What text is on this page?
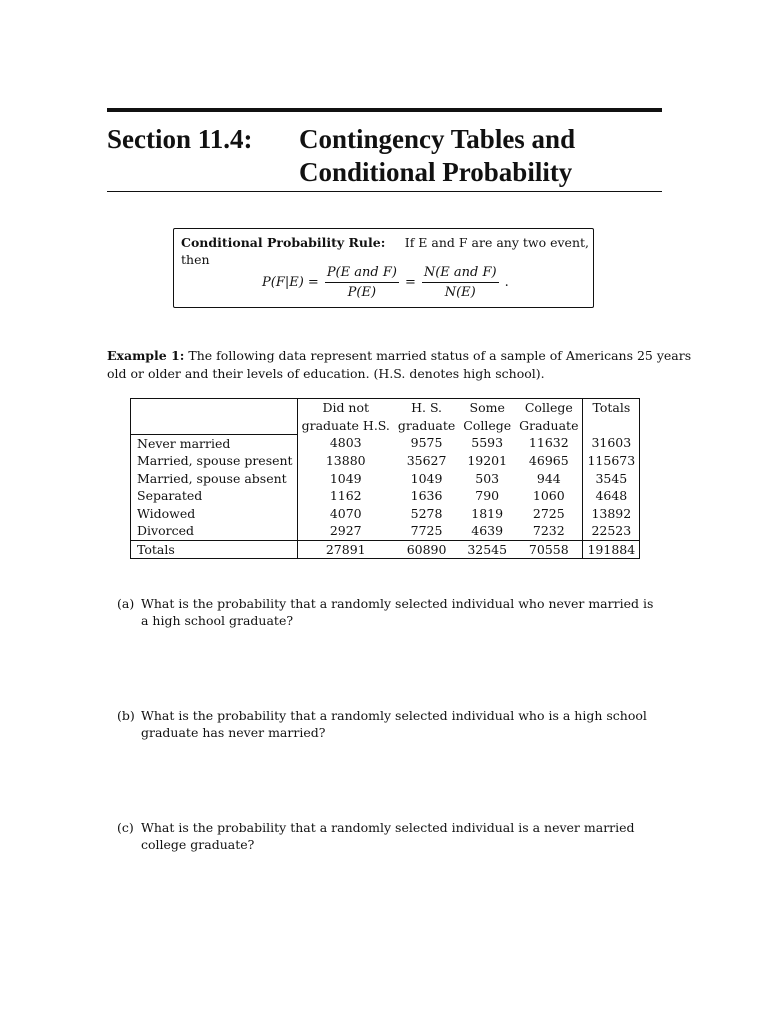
Section 11.4: Contingency Tables and
Conditional Probability
Conditional Probability Rule: If E and F are any two event,
then
$P(F|E) = \frac{\text{P(E and F)}}{P(E)} = \frac{\text{N(E and F)}}{N(E)}$ .
Example 1: The following data represent married status of a sample of Americans 25 years
old or older and their levels of education. (H.S. denotes high school).
	Did not	H. S.	Some	College	Totals
	graduate H.S.	graduate	College	Graduate	
Never married	4803	9575	5593	11632	31603
Married, spouse present	13880	35627	19201	46965	115673
Married, spouse absent	1049	1049	503	944	3545
Separated	1162	1636	790	1060	4648
Widowed	4070	5278	1819	2725	13892
Divorced	2927	7725	4639	7232	22523
Totals	27891	60890	32545	70558	191884
(a) What is the probability that a randomly selected individual who never married is a high school graduate?
(b) What is the probability that a randomly selected individual who is a high school graduate has never married?
(c) What is the probability that a randomly selected individual is a never married college graduate?
